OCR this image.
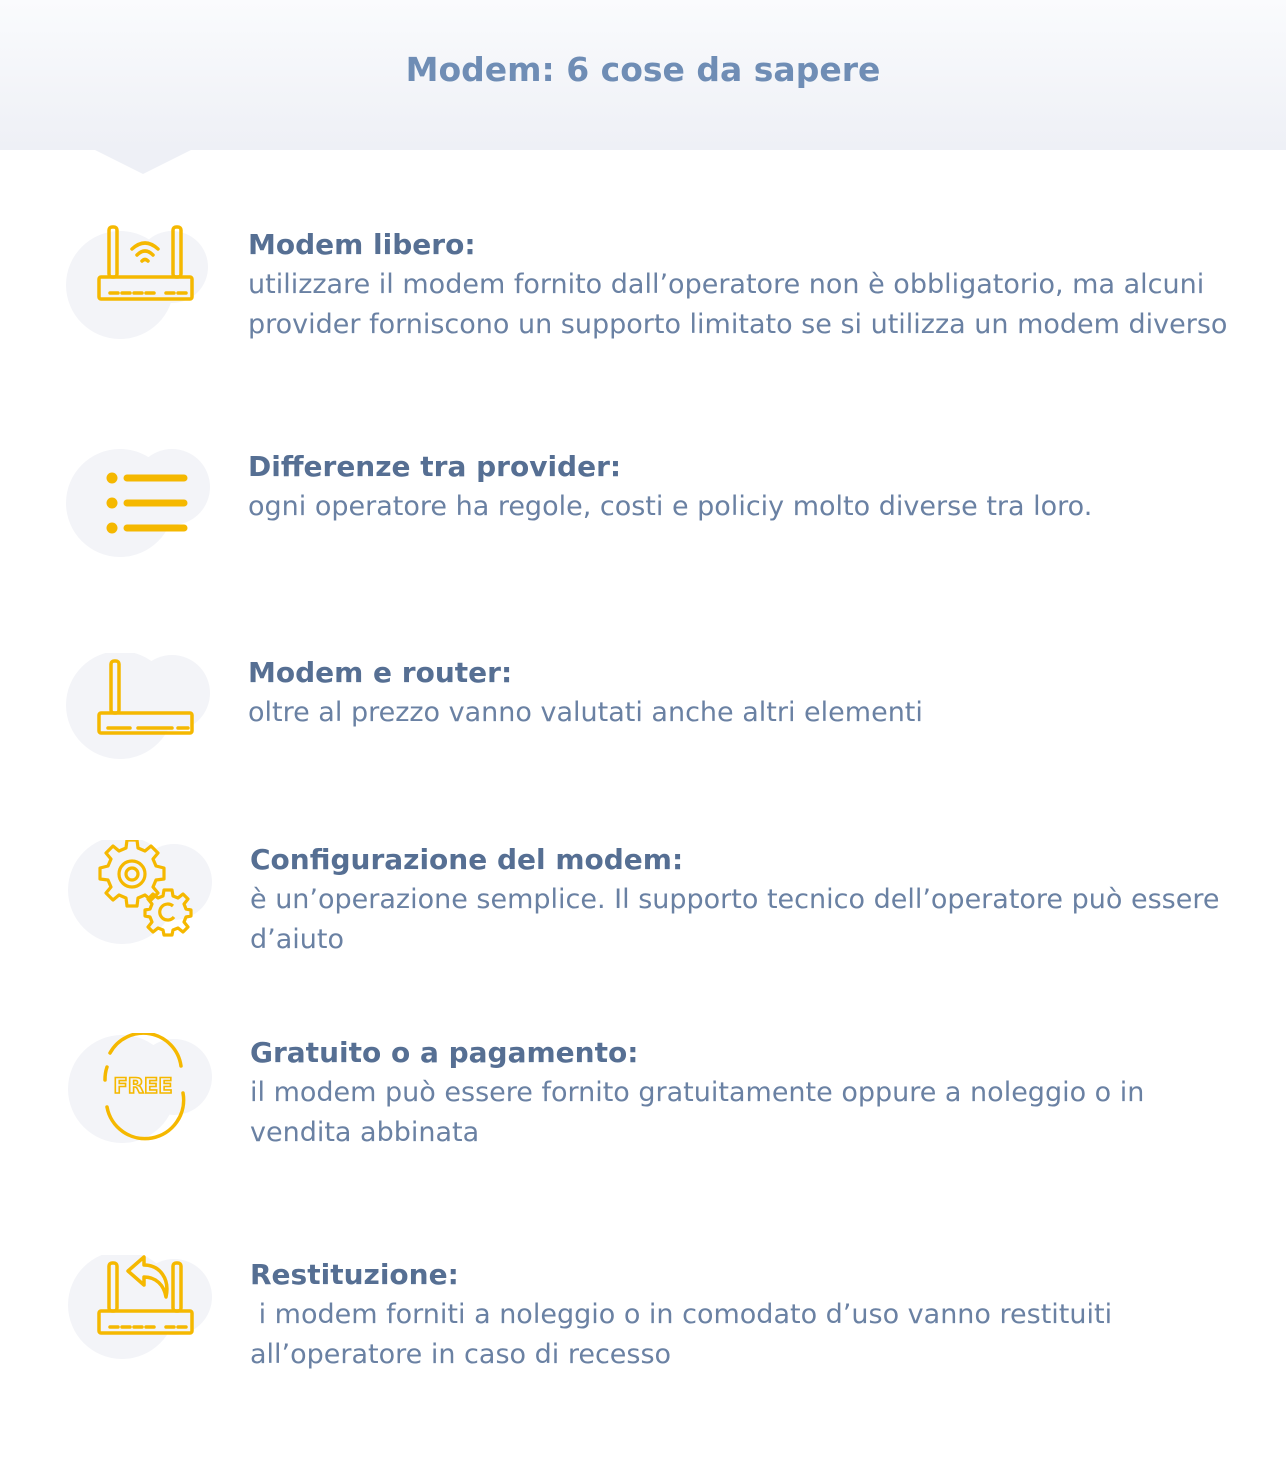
Modem: 6 cose da sapere

Modem libero:

utilizzare il modem fornito dall’operatore non è obbligatorio, ma alcuni provider forniscono un supporto limitato se si utilizza un modem diverso

Differenze tra provider:

ogni operatore ha regole, costi e policiy molto diverse tra loro.

Modem e router:

oltre al prezzo vanno valutati anche altri elementi

Configurazione del modem:

è un’operazione semplice. Il supporto tecnico dell’operatore può essere d’aiuto

FREE

Gratuito o a pagamento:

il modem può essere fornito gratuitamente oppure a noleggio o in vendita abbinata

Restituzione:

i modem forniti a noleggio o in comodato d’uso vanno restituiti all’operatore in caso di recesso
